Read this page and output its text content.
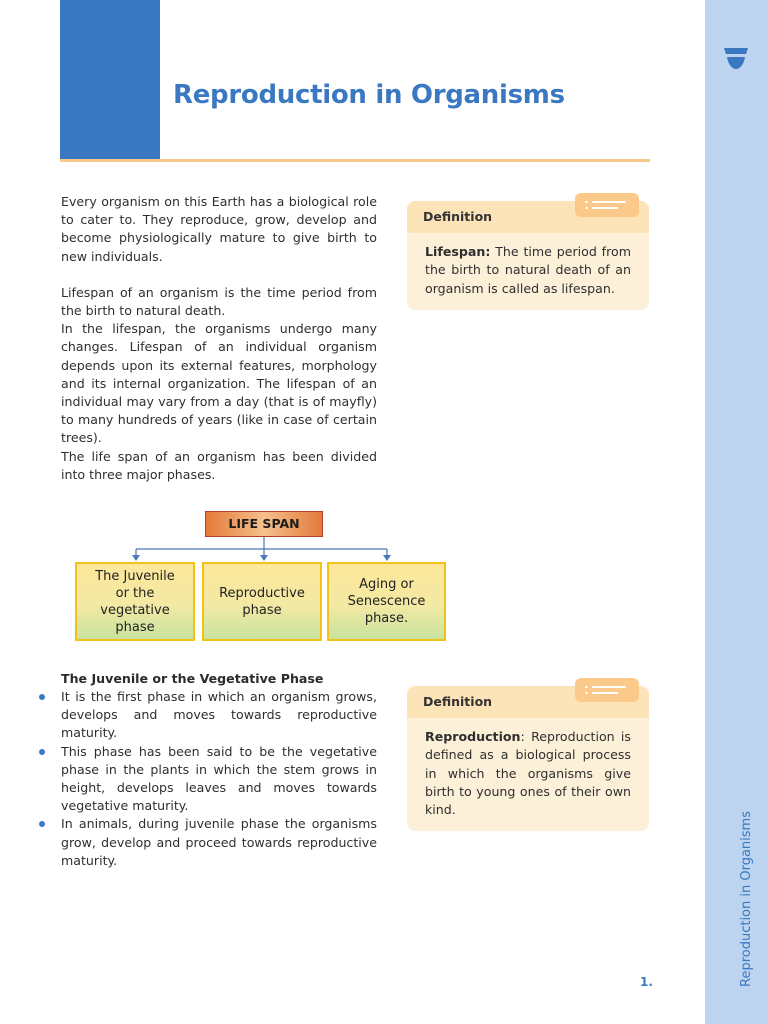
Reproduction in Organisms
Reproduction in Organisms

Every organism on this Earth has a biological role to cater to. They reproduce, grow, develop and become physiologically mature to give birth to new individuals.

Lifespan of an organism is the time period from the birth to natural death.

In the lifespan, the organisms undergo many changes. Lifespan of an individual organism depends upon its external features, morphology and its internal organization. The lifespan of an individual may vary from a day (that is of mayfly) to many hundreds of years (like in case of certain trees).

The life span of an organism has been divided into three major phases.

Definition
Lifespan: The time period from the birth to natural death of an organism is called as lifespan.
LIFE SPAN
The Juvenile or the vegetative phase
Reproductive phase
Aging or Senescence phase.
The Juvenile or the Vegetative Phase
It is the first phase in which an organism grows, develops and moves towards reproductive maturity.
This phase has been said to be the vegetative phase in the plants in which the stem grows in height, develops leaves and moves towards vegetative maturity.
In animals, during juvenile phase the organisms grow, develop and proceed towards reproductive maturity.
Definition
Reproduction: Reproduction is defined as a biological process in which the organisms give birth to young ones of their own kind.
1.
